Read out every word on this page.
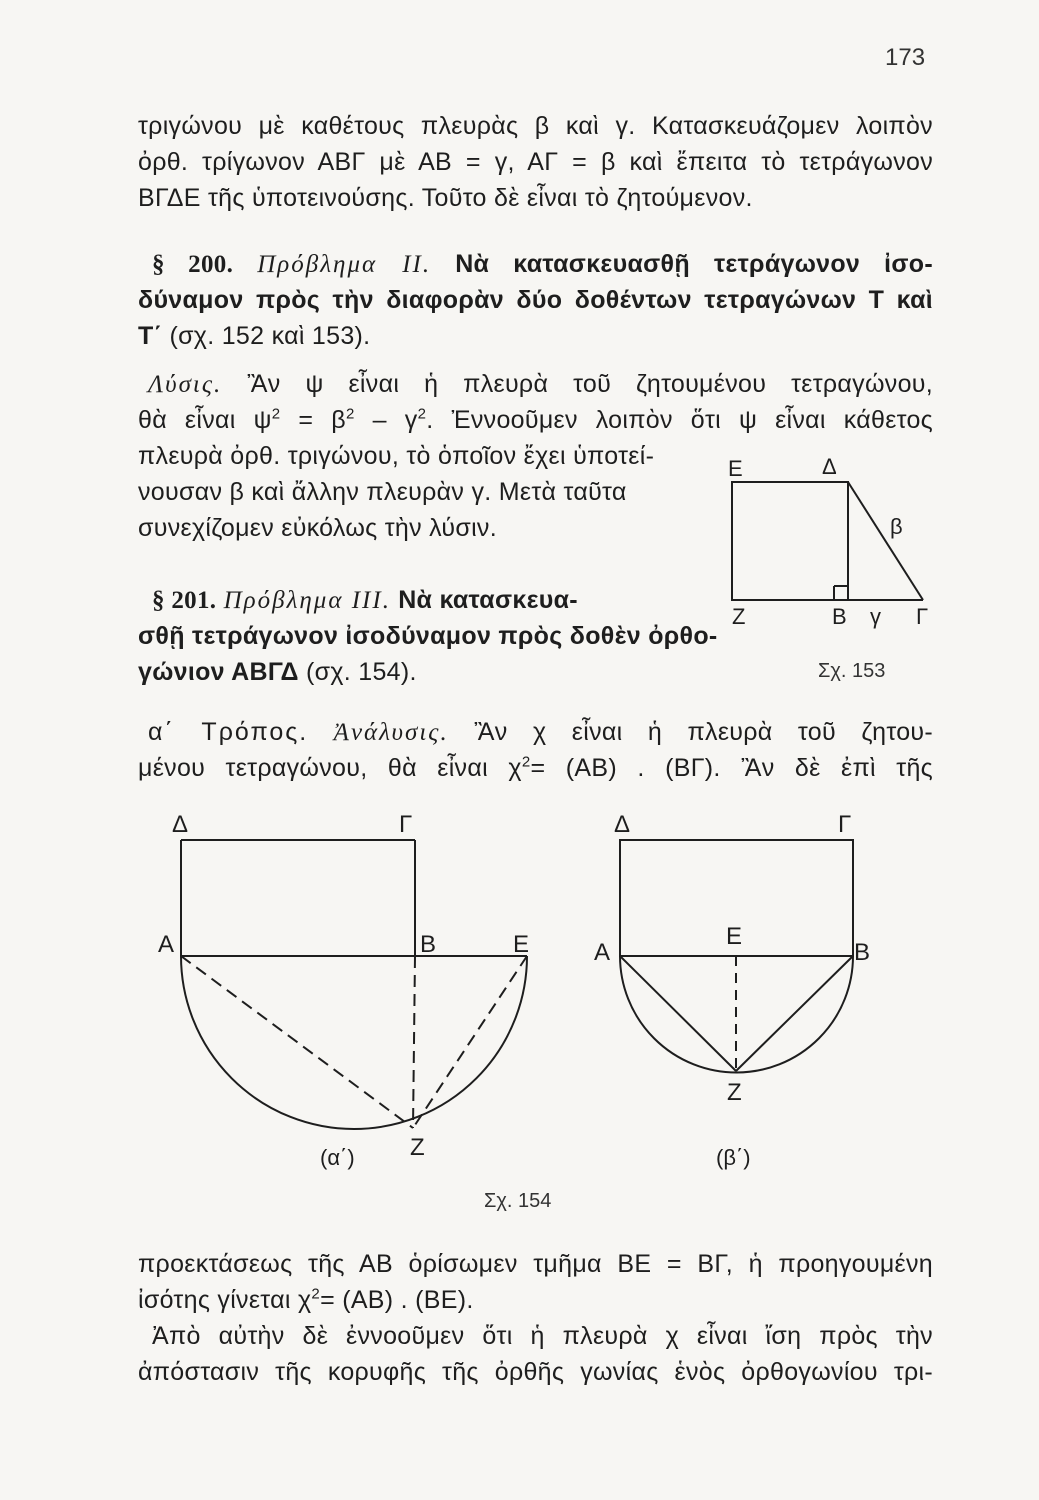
173
τριγώνου μὲ καθέτους πλευρὰς β καὶ γ. Κατασκευάζομεν λοιπὸν
ὀρθ. τρίγωνον ΑΒΓ μὲ ΑΒ = γ, ΑΓ = β καὶ ἔπειτα τὸ τετράγωνον
ΒΓΔΕ τῆς ὑποτεινούσης. Τοῦτο δὲ εἶναι τὸ ζητούμενον.
§ 200. Πρόβλημα II. Νὰ κατασκευασθῇ τετράγωνον ἰσο-
δύναμον πρὸς τὴν διαφορὰν δύο δοθέντων τετραγώνων Τ καὶ
Τ΄ (σχ. 152 καὶ 153).
Λύσις. Ἂν ψ εἶναι ἡ πλευρὰ τοῦ ζητουμένου τετραγώνου,
θὰ εἶναι $\psi^2 = \beta^2 - \gamma^2$. Ἐννοοῦμεν λοιπὸν ὅτι ψ εἶναι κάθετος
πλευρὰ ὀρθ. τριγώνου, τὸ ὁποῖον ἔχει ὑποτεί-
νουσαν β καὶ ἄλλην πλευρὰν γ. Μετὰ ταῦτα
συνεχίζομεν εὐκόλως τὴν λύσιν.
Ε	Δ
β
Ζ	Β γ Γ
§ 201. Πρόβλημα III. Νὰ κατασκευα-
σθῇ τετράγωνον ἰσοδύναμον πρὸς δοθὲν ὀρθο-
γώνιον ΑΒΓΔ (σχ. 154).	Σχ. 153
α΄ Τρόπος. Ἀνάλυσις. Ἂν χ εἶναι ἡ πλευρὰ τοῦ ζητου-
μένου τετραγώνου, θὰ εἶναι $\chi^2= (AB)$ . (ΒΓ). Ἂν δὲ ἐπὶ τῆς
Δ	Γ
Α	Β	Ε
Ζ
(α΄)
Δ	Γ
Α
Ε
Β
Ζ
(β΄)
Σχ. 154
προεκτάσεως τῆς ΑΒ ὁρίσωμεν τμῆμα ΒΕ = ΒΓ, ἡ προηγουμένη
ἰσότης γίνεται $\chi^2= (AB)$ . (ΒΕ).
Ἀπὸ αὐτὴν δὲ ἐννοοῦμεν ὅτι ἡ πλευρὰ χ εἶναι ἴση πρὸς τὴν
ἀπόστασιν τῆς κορυφῆς τῆς ὀρθῆς γωνίας ἑνὸς ὀρθογωνίου τρι-
